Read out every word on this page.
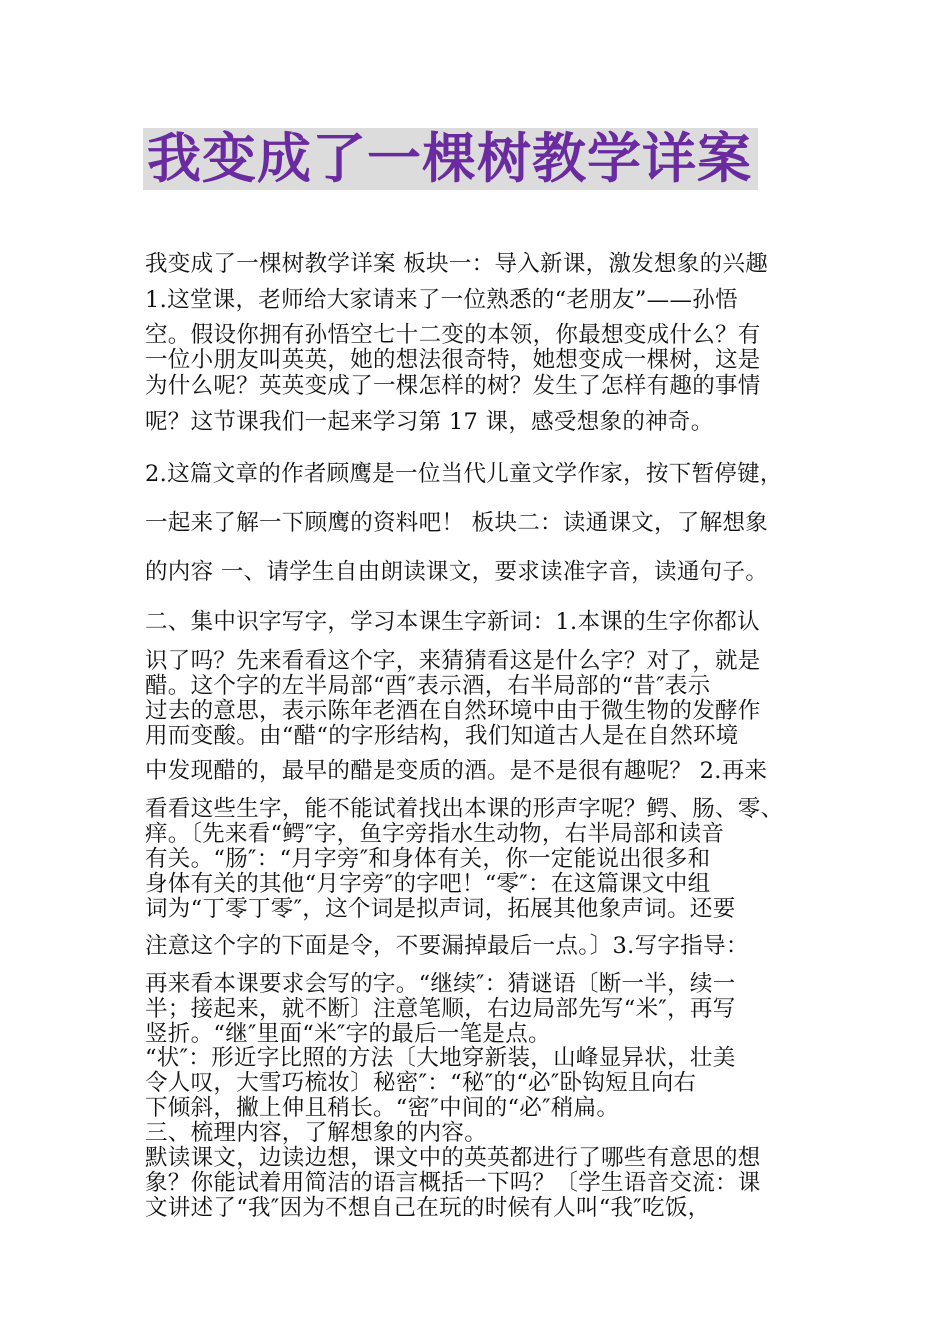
我变成了一棵树教学详案
我变成了一棵树教学详案 板块一：导入新课，激发想象的兴趣
1.这堂课，老师给大家请来了一位熟悉的“老朋友”——孙悟
空。假设你拥有孙悟空七十二变的本领，你最想变成什么？有
一位小朋友叫英英，她的想法很奇特，她想变成一棵树，这是
为什么呢？英英变成了一棵怎样的树？发生了怎样有趣的事情
呢？这节课我们一起来学习第 17 课，感受想象的神奇。
2.这篇文章的作者顾鹰是一位当代儿童文学作家，按下暂停键，
一起来了解一下顾鹰的资料吧！ 板块二：读通课文，了解想象
的内容 一、请学生自由朗读课文，要求读准字音，读通句子。
二、集中识字写字，学习本课生字新词：1.本课的生字你都认
识了吗？先来看看这个字，来猜猜看这是什么字？对了，就是
醋。这个字的左半局部“酉″表示酒，右半局部的“昔″表示
过去的意思，表示陈年老酒在自然环境中由于微生物的发酵作
用而变酸。由“醋“的字形结构，我们知道古人是在自然环境
中发现醋的，最早的醋是变质的酒。是不是很有趣呢？ 2.再来
看看这些生字，能不能试着找出本课的形声字呢？鳄、肠、零、
痒。〔先来看“鳄″字，鱼字旁指水生动物，右半局部和读音
有关。“肠″：“月字旁″和身体有关，你一定能说出很多和
身体有关的其他“月字旁″的字吧！“零″：在这篇课文中组
词为“丁零丁零″，这个词是拟声词，拓展其他象声词。还要
注意这个字的下面是令，不要漏掉最后一点。〕3.写字指导：
再来看本课要求会写的字。“继续″：猜谜语〔断一半，续一
半；接起来，就不断〕注意笔顺，右边局部先写“米″，再写
竖折。“继″里面“米″字的最后一笔是点。
“状″：形近字比照的方法〔大地穿新装，山峰显异状，壮美
令人叹，大雪巧梳妆〕秘密″：“秘″的“必″卧钩短且向右
下倾斜，撇上伸且稍长。“密″中间的“必″稍扁。
三、梳理内容，了解想象的内容。
默读课文，边读边想，课文中的英英都进行了哪些有意思的想
象？你能试着用简洁的语言概括一下吗？〔学生语音交流：课
文讲述了“我″因为不想自己在玩的时候有人叫“我″吃饭，
